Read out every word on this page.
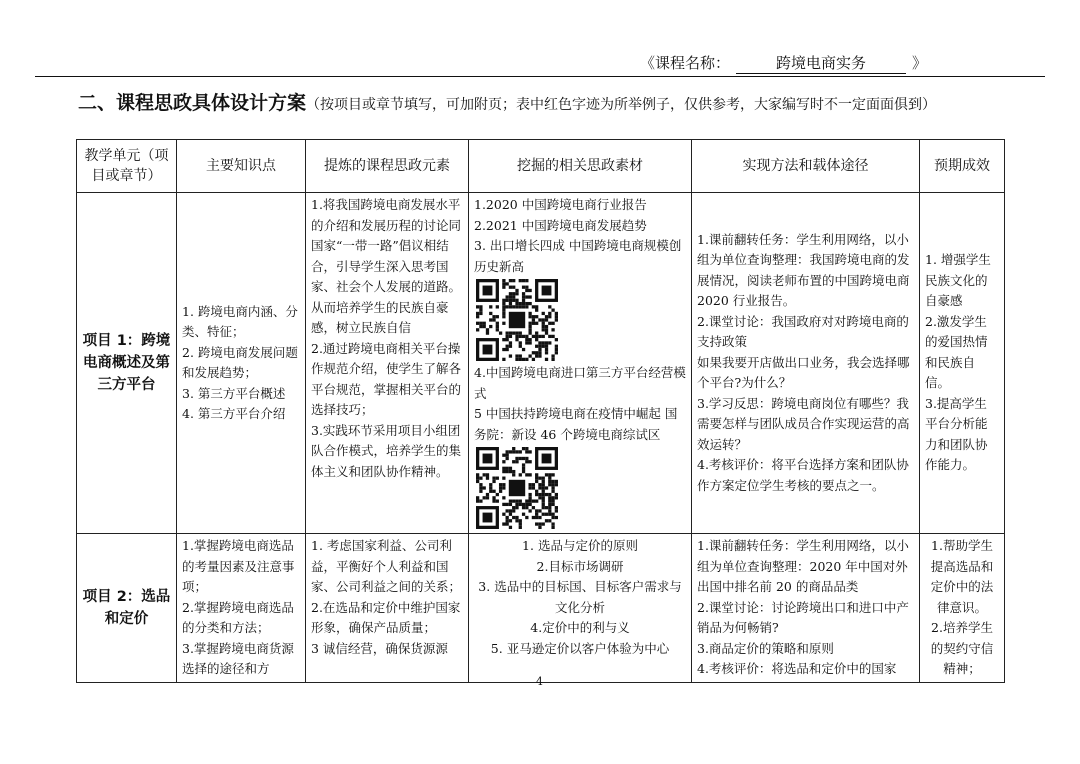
《课程名称：	跨境电商实务	》
二、课程思政具体设计方案（按项目或章节填写，可加附页；表中红色字迹为所举例子，仅供参考，大家编写时不一定面面俱到）
教学单元（项目或章节）	主要知识点	提炼的课程思政元素	挖掘的相关思政素材	实现方法和载体途径	预期成效
项目 1：跨境电商概述及第三方平台	1. 跨境电商内涵、分类、特征；
2. 跨境电商发展问题和发展趋势；
3. 第三方平台概述
4. 第三方平台介绍	1.将我国跨境电商发展水平的介绍和发展历程的讨论同国家“一带一路”倡议相结合，引导学生深入思考国家、社会个人发展的道路。从而培养学生的民族自豪感，树立民族自信
2.通过跨境电商相关平台操作规范介绍，使学生了解各平台规范，掌握相关平台的选择技巧；
3.实践环节采用项目小组团队合作模式，培养学生的集体主义和团队协作精神。	1.2020 中国跨境电商行业报告
2.2021 中国跨境电商发展趋势
3. 出口增长四成 中国跨境电商规模创历史新高
4.中国跨境电商进口第三方平台经营模式
5 中国扶持跨境电商在疫情中崛起 国务院：新设 46 个跨境电商综试区	1.课前翻转任务：学生利用网络，以小组为单位查询整理：我国跨境电商的发展情况，阅读老师布置的中国跨境电商 2020 行业报告。
2.课堂讨论：我国政府对对跨境电商的支持政策
如果我要开店做出口业务，我会选择哪个平台?为什么？
3.学习反思：跨境电商岗位有哪些？我需要怎样与团队成员合作实现运营的高效运转？
4.考核评价：将平台选择方案和团队协作方案定位学生考核的要点之一。	1. 增强学生民族文化的自豪感
2.激发学生的爱国热情和民族自信。
3.提高学生平台分析能力和团队协作能力。

项目 2：选品和定价	1.掌握跨境电商选品的考量因素及注意事项；
2.掌握跨境电商选品的分类和方法；
3.掌握跨境电商货源选择的途径和方	1. 考虑国家利益、公司利益，平衡好个人利益和国家、公司利益之间的关系；
2.在选品和定价中维护国家形象，确保产品质量；
3 诚信经营，确保货源源	1. 选品与定价的原则
2.目标市场调研
3. 选品中的目标国、目标客户需求与文化分析
4.定价中的利与义
5. 亚马逊定价以客户体验为中心	1.课前翻转任务：学生利用网络，以小组为单位查询整理：2020 年中国对外出国中排名前 20 的商品品类
2.课堂讨论：讨论跨境出口和进口中产销品为何畅销?
3.商品定价的策略和原则
4.考核评价：将选品和定价中的国家	1.帮助学生提高选品和定价中的法律意识。
2.培养学生的契约守信精神；
4
